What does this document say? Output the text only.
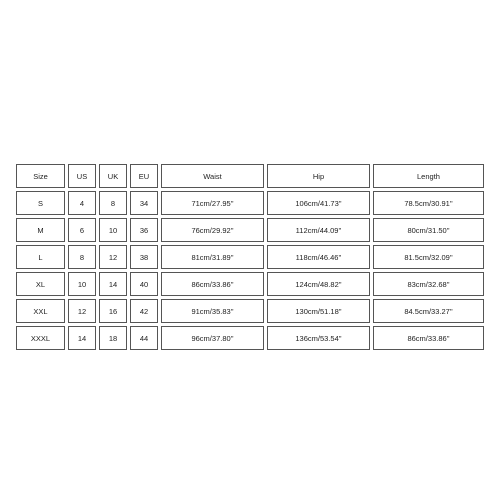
Size	US	UK	EU	Waist	Hip	Length
S	4	8	34	71cm/27.95''	106cm/41.73''	78.5cm/30.91''
M	6	10	36	76cm/29.92''	112cm/44.09''	80cm/31.50''
L	8	12	38	81cm/31.89''	118cm/46.46''	81.5cm/32.09''
XL	10	14	40	86cm/33.86''	124cm/48.82''	83cm/32.68''
XXL	12	16	42	91cm/35.83''	130cm/51.18''	84.5cm/33.27''
XXXL	14	18	44	96cm/37.80''	136cm/53.54''	86cm/33.86''
